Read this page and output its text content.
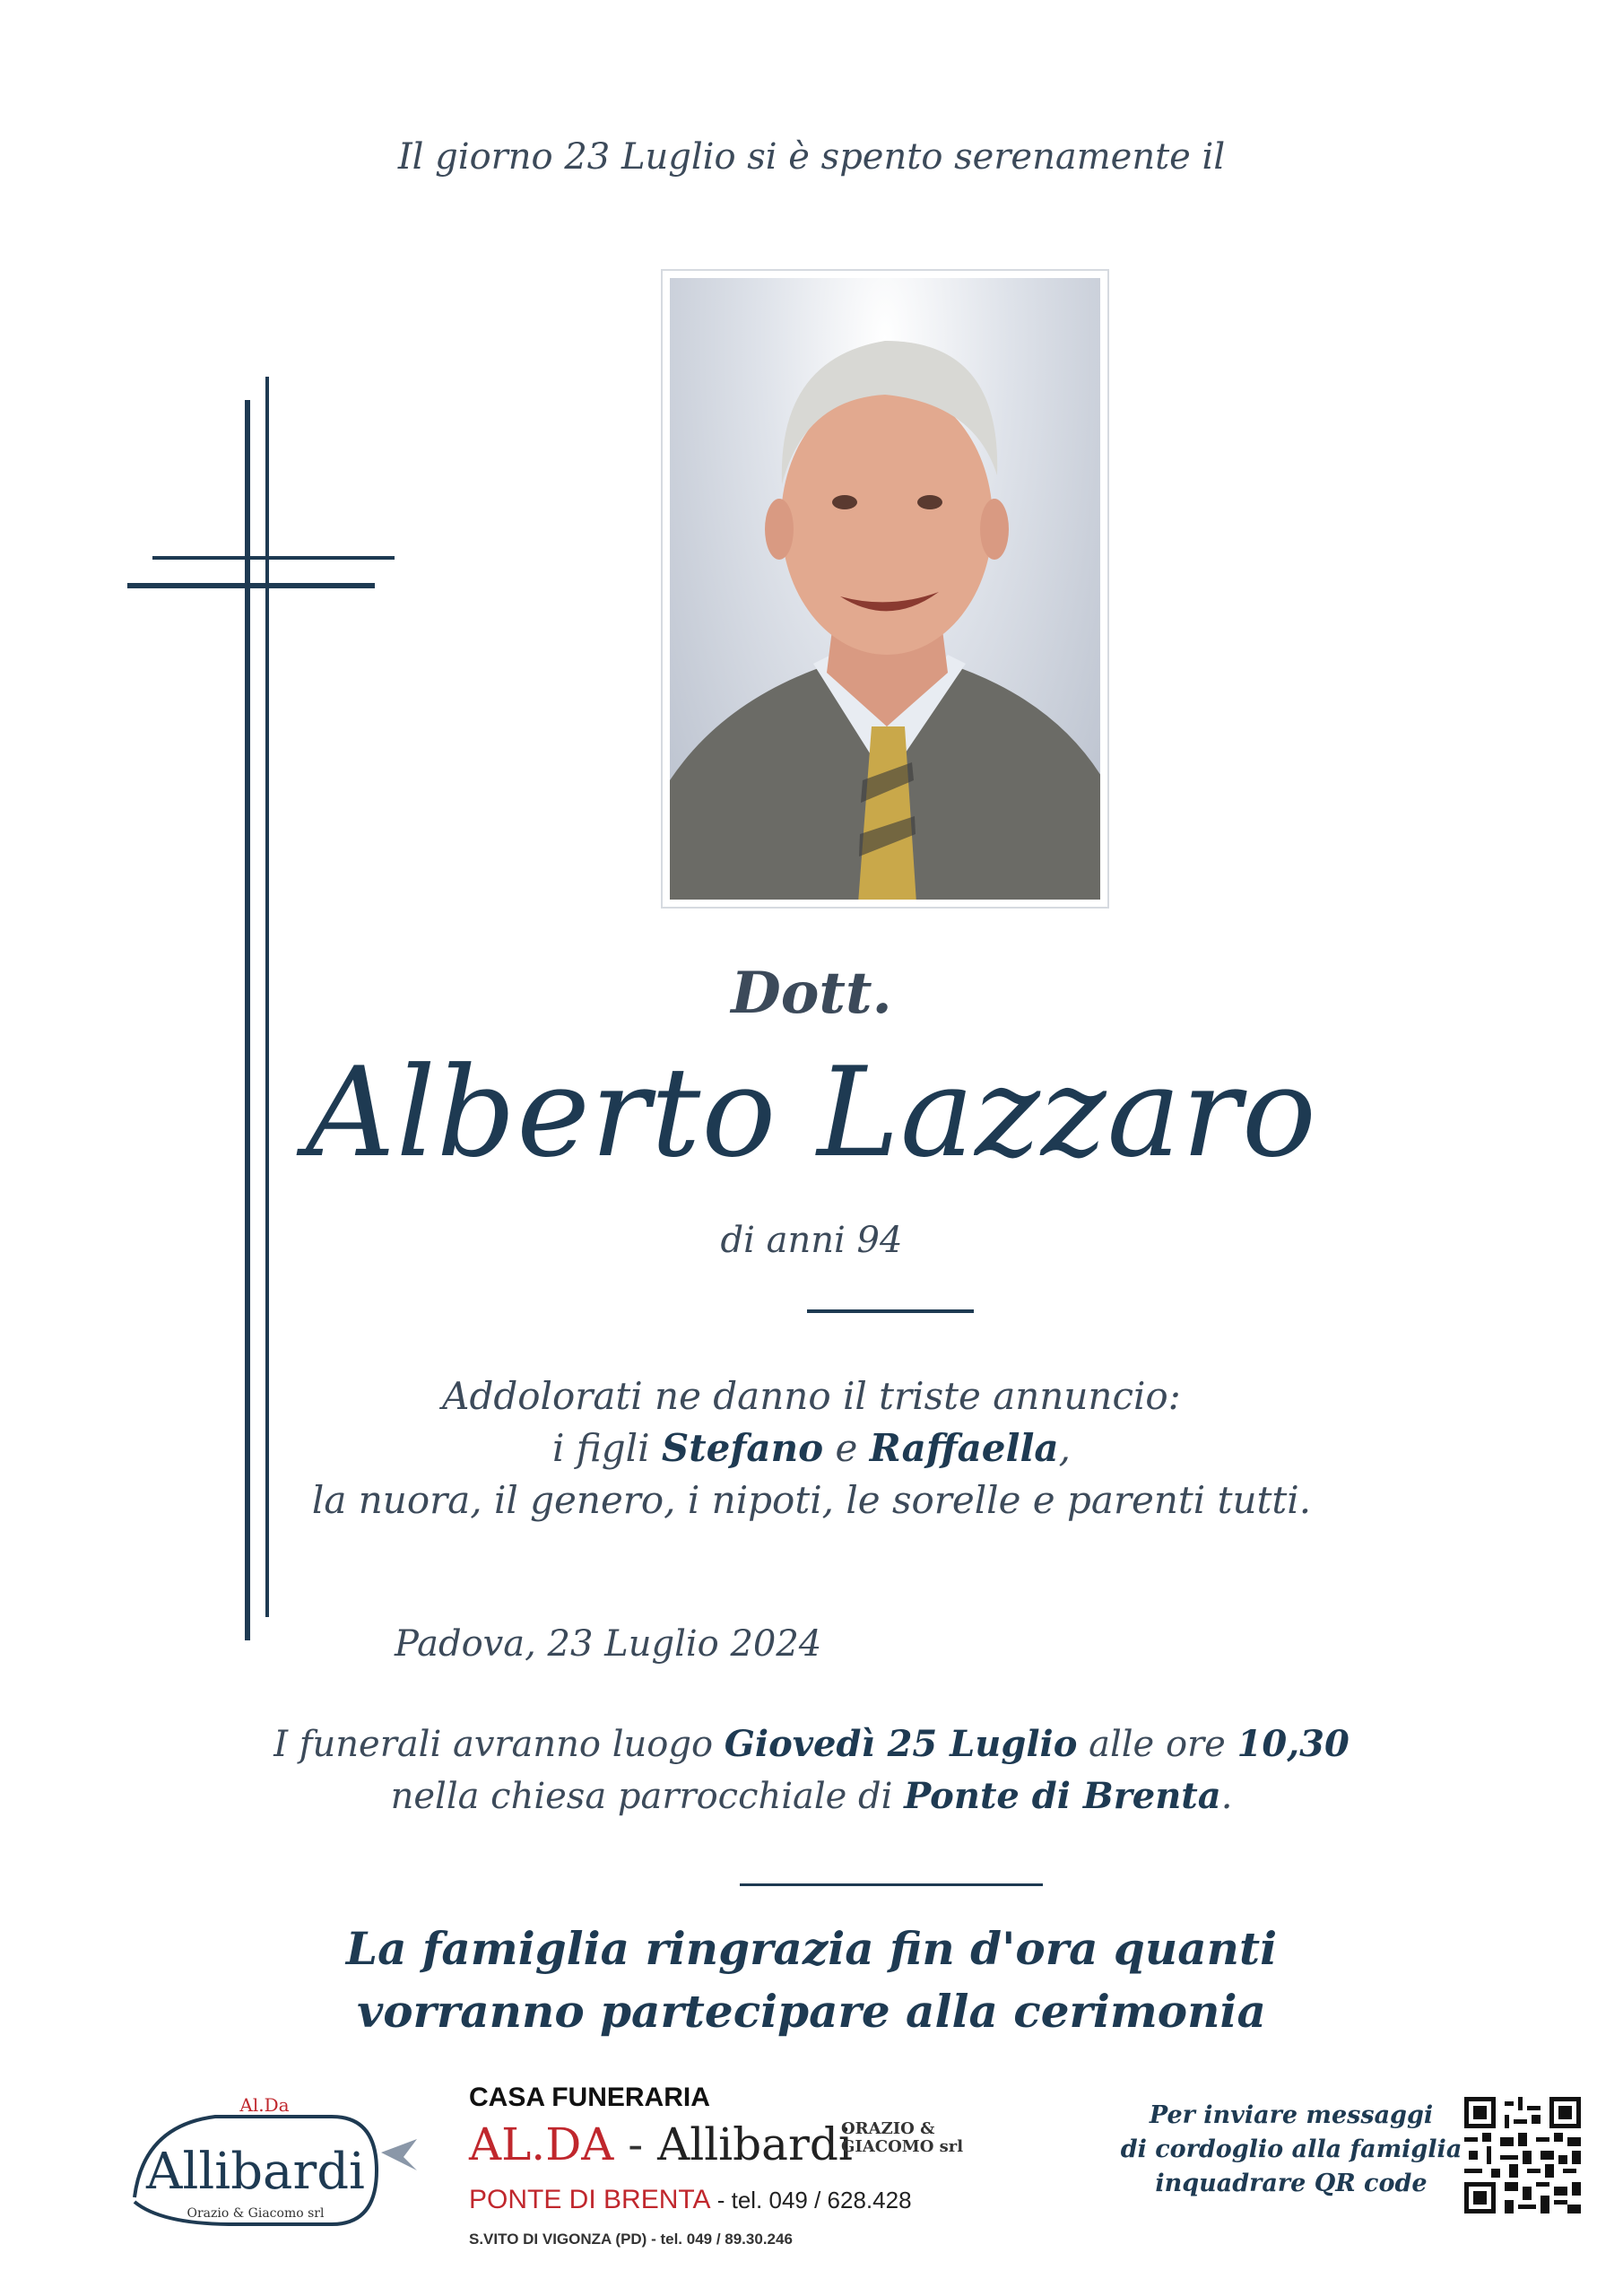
Il giorno 23 Luglio si è spento serenamente il
Dott.
Alberto Lazzaro
di anni 94
Addolorati ne danno il triste annuncio:
i figli Stefano e Raffaella,
la nuora, il genero, i nipoti, le sorelle e parenti tutti.
Padova, 23 Luglio 2024
I funerali avranno luogo Giovedì 25 Luglio alle ore 10,30
nella chiesa parrocchiale di Ponte di Brenta.
La famiglia ringrazia fin d'ora quanti
vorranno partecipare alla cerimonia
Al.Da
Allibardi
Orazio & Giacomo srl
CASA FUNERARIA
AL.DA - Allibardi
ORAZIO &
GIACOMO srl
PONTE DI BRENTA - tel. 049 / 628.428
S.VITO DI VIGONZA (PD) - tel. 049 / 89.30.246
Per inviare messaggi
di cordoglio alla famiglia
inquadrare QR code
